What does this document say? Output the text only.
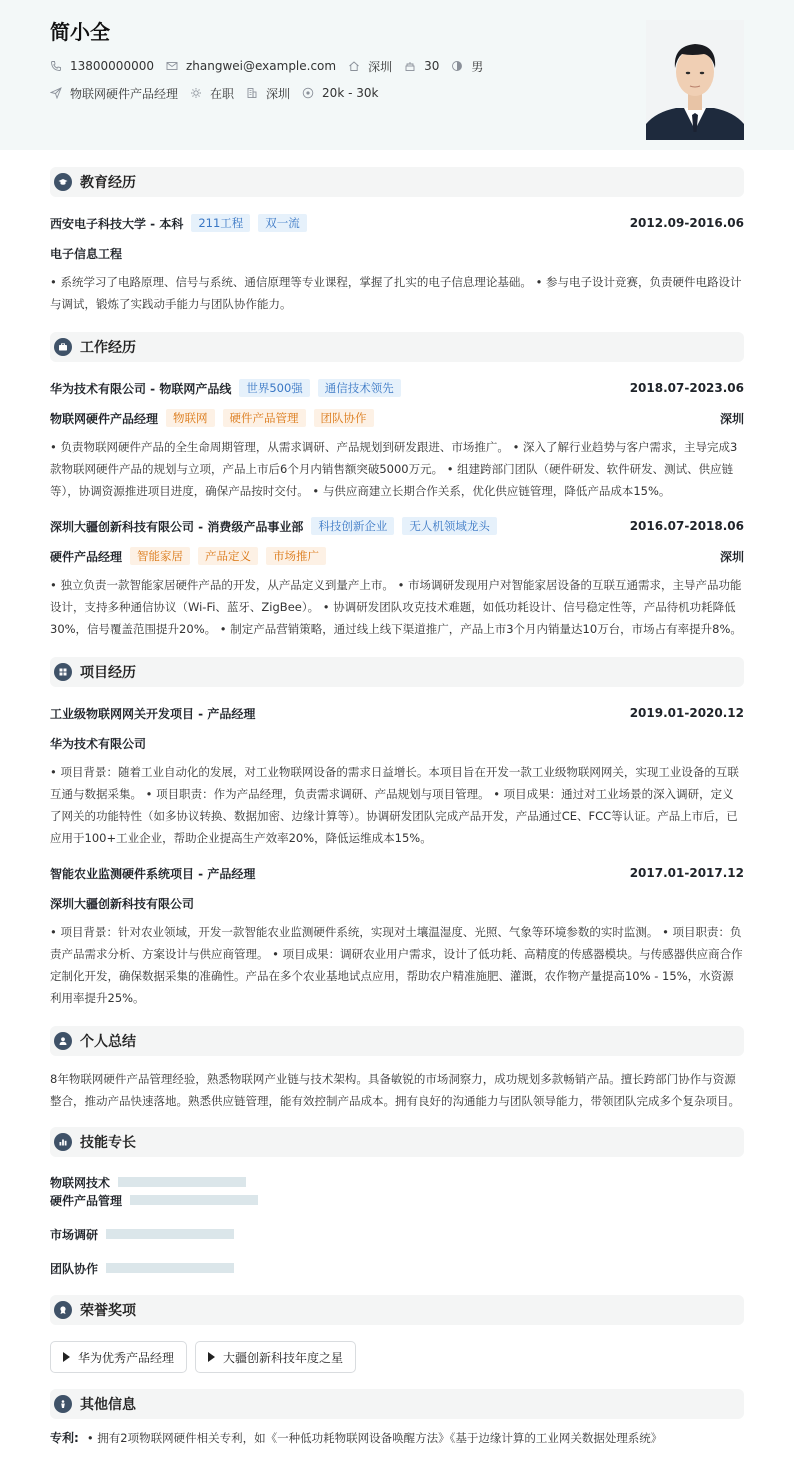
简小全
13800000000	zhangwei@example.com	深圳	30	男
物联网硬件产品经理	在职	深圳	20k - 30k
教育经历
西安电子科技大学 - 本科	211工程	双一流	2012.09-2016.06
电子信息工程
• 系统学习了电路原理、信号与系统、通信原理等专业课程，掌握了扎实的电子信息理论基础。 • 参与电子设计竞赛，负责硬件电路设计与调试，锻炼了实践动手能力与团队协作能力。
工作经历
华为技术有限公司 - 物联网产品线	世界500强	通信技术领先	2018.07-2023.06
物联网硬件产品经理	物联网	硬件产品管理	团队协作	深圳
• 负责物联网硬件产品的全生命周期管理，从需求调研、产品规划到研发跟进、市场推广。 • 深入了解行业趋势与客户需求，主导完成3款物联网硬件产品的规划与立项，产品上市后6个月内销售额突破5000万元。 • 组建跨部门团队（硬件研发、软件研发、测试、供应链等），协调资源推进项目进度，确保产品按时交付。 • 与供应商建立长期合作关系，优化供应链管理，降低产品成本15%。
深圳大疆创新科技有限公司 - 消费级产品事业部	科技创新企业	无人机领域龙头	2016.07-2018.06
硬件产品经理	智能家居	产品定义	市场推广	深圳
• 独立负责一款智能家居硬件产品的开发，从产品定义到量产上市。 • 市场调研发现用户对智能家居设备的互联互通需求，主导产品功能设计，支持多种通信协议（Wi-Fi、蓝牙、ZigBee）。 • 协调研发团队攻克技术难题，如低功耗设计、信号稳定性等，产品待机功耗降低30%，信号覆盖范围提升20%。 • 制定产品营销策略，通过线上线下渠道推广，产品上市3个月内销量达10万台，市场占有率提升8%。
项目经历
工业级物联网网关开发项目 - 产品经理	2019.01-2020.12
华为技术有限公司
• 项目背景：随着工业自动化的发展，对工业物联网设备的需求日益增长。本项目旨在开发一款工业级物联网网关，实现工业设备的互联互通与数据采集。 • 项目职责：作为产品经理，负责需求调研、产品规划与项目管理。 • 项目成果：通过对工业场景的深入调研，定义了网关的功能特性（如多协议转换、数据加密、边缘计算等）。协调研发团队完成产品开发，产品通过CE、FCC等认证。产品上市后，已应用于100+工业企业，帮助企业提高生产效率20%，降低运维成本15%。
智能农业监测硬件系统项目 - 产品经理	2017.01-2017.12
深圳大疆创新科技有限公司
• 项目背景：针对农业领域，开发一款智能农业监测硬件系统，实现对土壤温湿度、光照、气象等环境参数的实时监测。 • 项目职责：负责产品需求分析、方案设计与供应商管理。 • 项目成果：调研农业用户需求，设计了低功耗、高精度的传感器模块。与传感器供应商合作定制化开发，确保数据采集的准确性。产品在多个农业基地试点应用，帮助农户精准施肥、灌溉，农作物产量提高10% - 15%，水资源利用率提升25%。
个人总结
8年物联网硬件产品管理经验，熟悉物联网产业链与技术架构。具备敏锐的市场洞察力，成功规划多款畅销产品。擅长跨部门协作与资源整合，推动产品快速落地。熟悉供应链管理，能有效控制产品成本。拥有良好的沟通能力与团队领导能力，带领团队完成多个复杂项目。
技能专长
物联网技术
硬件产品管理
市场调研
团队协作
荣誉奖项
华为优秀产品经理	大疆创新科技年度之星
其他信息
专利: • 拥有2项物联网硬件相关专利，如《一种低功耗物联网设备唤醒方法》《基于边缘计算的工业网关数据处理系统》
